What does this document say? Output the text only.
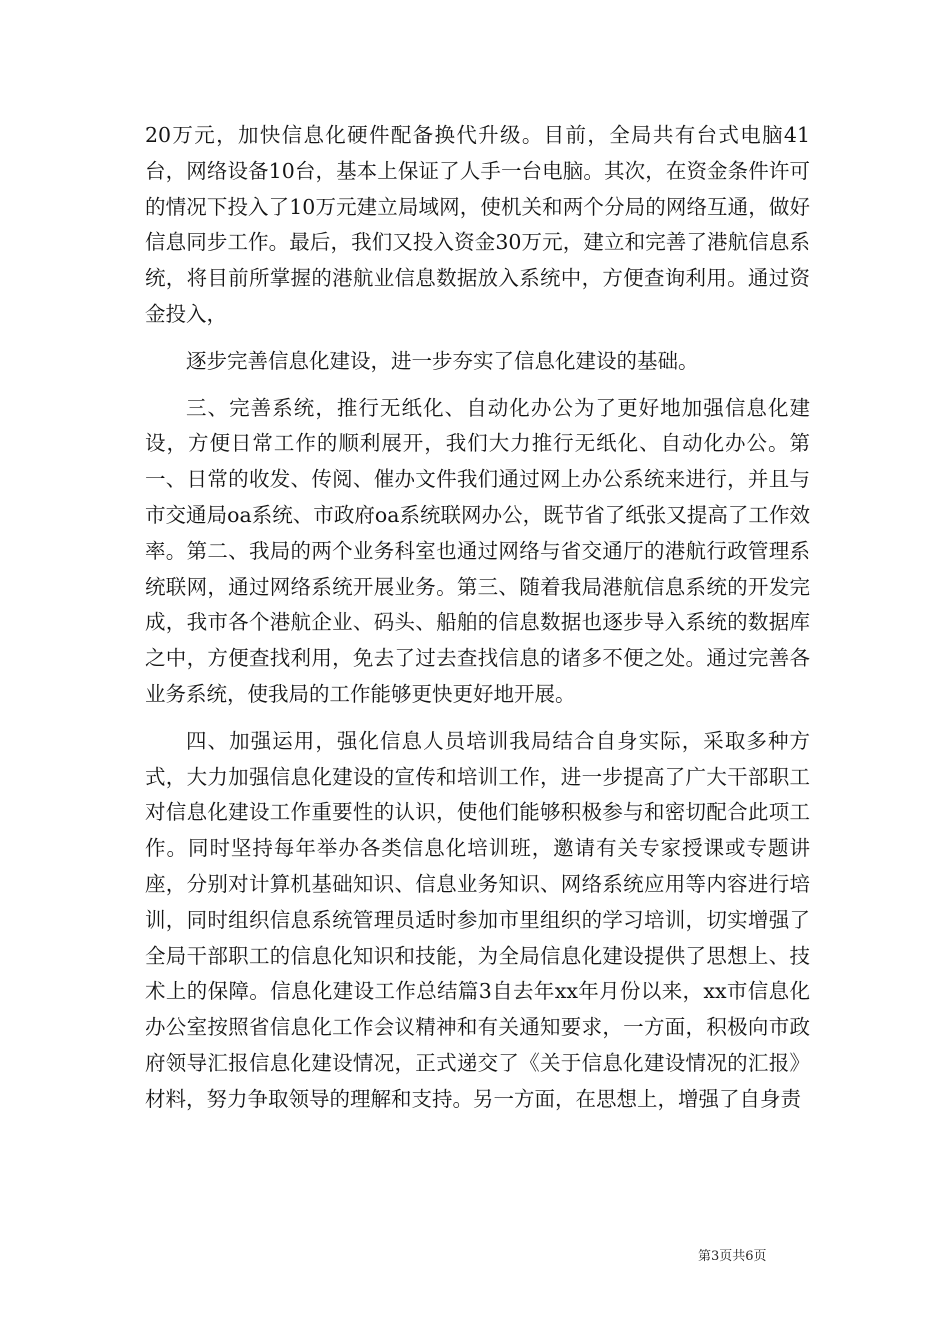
20万元，加快信息化硬件配备换代升级。目前，全局共有台式电脑41台，网络设备10台，基本上保证了人手一台电脑。其次，在资金条件许可的情况下投入了10万元建立局域网，使机关和两个分局的网络互通，做好信息同步工作。最后，我们又投入资金30万元，建立和完善了港航信息系统，将目前所掌握的港航业信息数据放入系统中，方便查询利用。通过资金投入，

逐步完善信息化建设，进一步夯实了信息化建设的基础。

三、完善系统，推行无纸化、自动化办公为了更好地加强信息化建设，方便日常工作的顺利展开，我们大力推行无纸化、自动化办公。第一、日常的收发、传阅、催办文件我们通过网上办公系统来进行，并且与市交通局oa系统、市政府oa系统联网办公，既节省了纸张又提高了工作效率。第二、我局的两个业务科室也通过网络与省交通厅的港航行政管理系统联网，通过网络系统开展业务。第三、随着我局港航信息系统的开发完成，我市各个港航企业、码头、船舶的信息数据也逐步导入系统的数据库之中，方便查找利用，免去了过去查找信息的诸多不便之处。通过完善各业务系统，使我局的工作能够更快更好地开展。

四、加强运用，强化信息人员培训我局结合自身实际，采取多种方式，大力加强信息化建设的宣传和培训工作，进一步提高了广大干部职工对信息化建设工作重要性的认识，使他们能够积极参与和密切配合此项工作。同时坚持每年举办各类信息化培训班，邀请有关专家授课或专题讲座，分别对计算机基础知识、信息业务知识、网络系统应用等内容进行培训，同时组织信息系统管理员适时参加市里组织的学习培训，切实增强了全局干部职工的信息化知识和技能，为全局信息化建设提供了思想上、技术上的保障。信息化建设工作总结篇3自去年xx年月份以来，xx市信息化办公室按照省信息化工作会议精神和有关通知要求，一方面，积极向市政府领导汇报信息化建设情况，正式递交了《关于信息化建设情况的汇报》材料，努力争取领导的理解和支持。另一方面，在思想上，增强了自身责

第3页共6页
